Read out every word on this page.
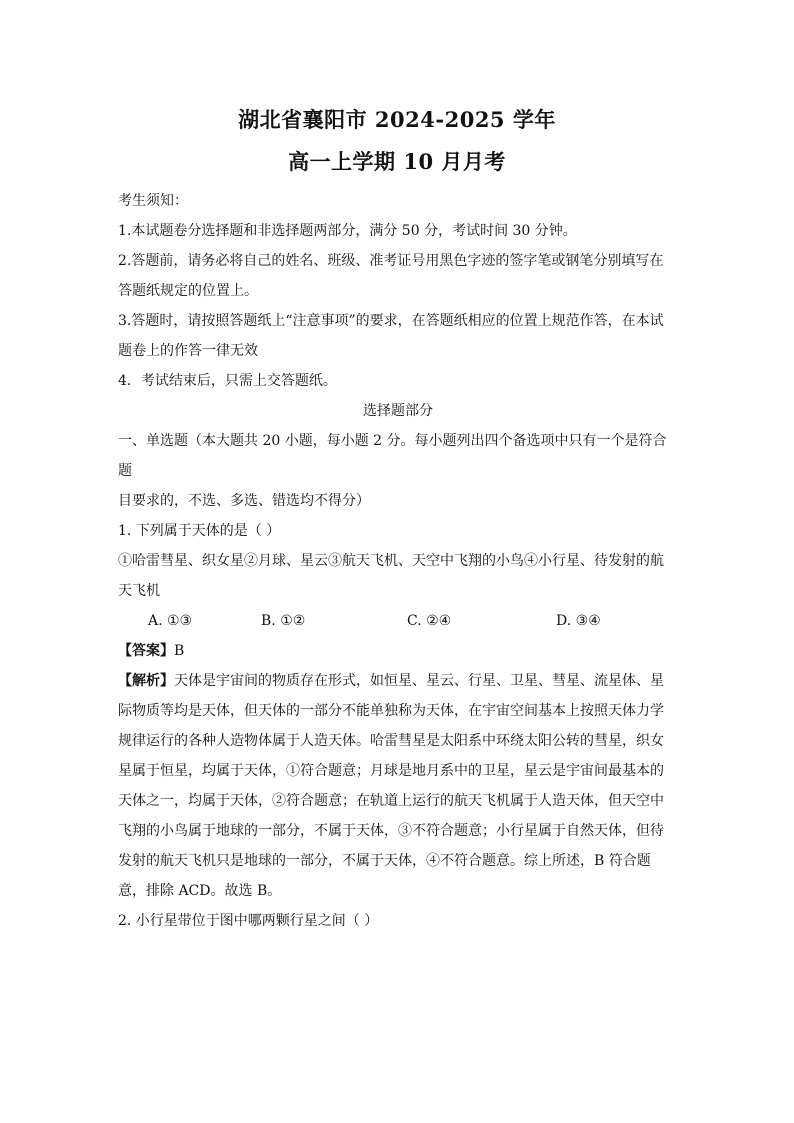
湖北省襄阳市 2024-2025 学年
高一上学期 10 月月考

考生须知：

1.本试题卷分选择题和非选择题两部分，满分 50 分，考试时间 30 分钟。

2.答题前，请务必将自己的姓名、班级、准考证号用黑色字迹的签字笔或钢笔分别填写在

答题纸规定的位置上。

3.答题时，请按照答题纸上“注意事项”的要求，在答题纸相应的位置上规范作答，在本试

题卷上的作答一律无效

4．考试结束后，只需上交答题纸。

选择题部分

一、单选题（本大题共 20 小题，每小题 2 分。每小题列出四个备选项中只有一个是符合题

目要求的，不选、多选、错选均不得分）

1. 下列属于天体的是（ ）

①哈雷彗星、织女星②月球、星云③航天飞机、天空中飞翔的小鸟④小行星、待发射的航

天飞机

A. ①③	B. ①②	C. ②④	D. ③④

【答案】B

【解析】天体是宇宙间的物质存在形式，如恒星、星云、行星、卫星、彗星、流星体、星

际物质等均是天体，但天体的一部分不能单独称为天体，在宇宙空间基本上按照天体力学

规律运行的各种人造物体属于人造天体。哈雷彗星是太阳系中环绕太阳公转的彗星，织女

星属于恒星，均属于天体，①符合题意；月球是地月系中的卫星，星云是宇宙间最基本的

天体之一，均属于天体，②符合题意；在轨道上运行的航天飞机属于人造天体，但天空中

飞翔的小鸟属于地球的一部分，不属于天体，③不符合题意；小行星属于自然天体，但待

发射的航天飞机只是地球的一部分，不属于天体，④不符合题意。综上所述，B 符合题

意，排除 ACD。故选 B。

2. 小行星带位于图中哪两颗行星之间（ ）
